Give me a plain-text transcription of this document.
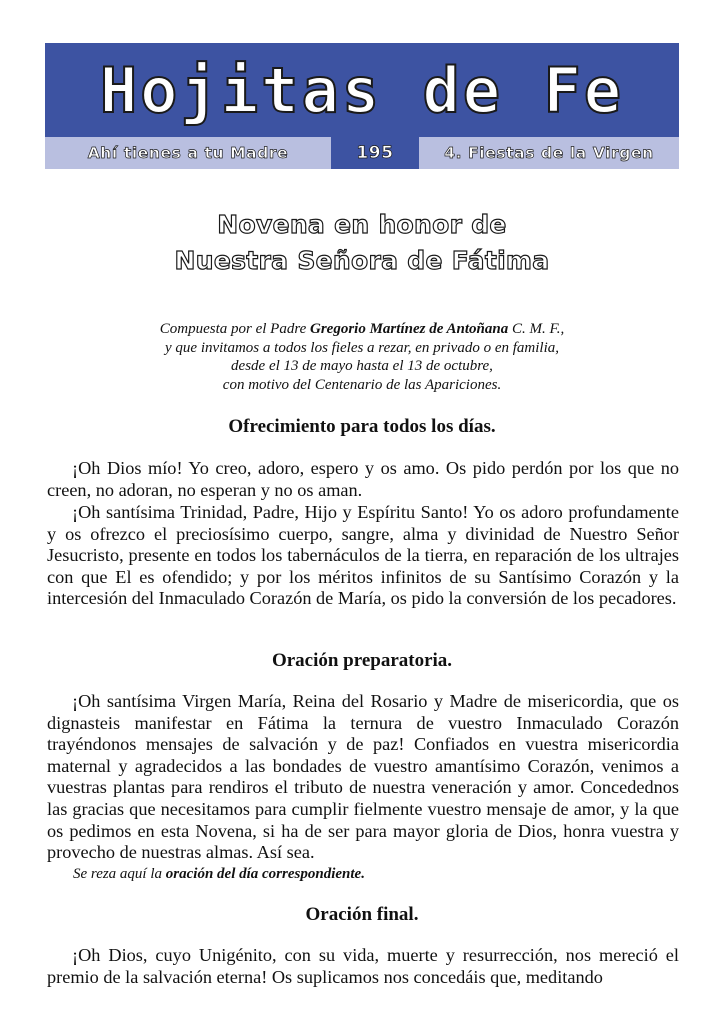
Hojitas de Fe
Ahí tienes a tu Madre	195	4. Fiestas de la Virgen
Novena en honor de
Nuestra Señora de Fátima
Compuesta por el Padre Gregorio Martínez de Antoñana C. M. F.,
y que invitamos a todos los fieles a rezar, en privado o en familia,
desde el 13 de mayo hasta el 13 de octubre,
con motivo del Centenario de las Apariciones.
Ofrecimiento para todos los días.
¡Oh Dios mío! Yo creo, adoro, espero y os amo. Os pido perdón por los que no creen, no adoran, no esperan y no os aman.
¡Oh santísima Trinidad, Padre, Hijo y Espíritu Santo! Yo os adoro profundamente y os ofrezco el preciosísimo cuerpo, sangre, alma y divinidad de Nuestro Señor Jesucristo, presente en todos los tabernáculos de la tierra, en reparación de los ultrajes con que El es ofendido; y por los méritos infinitos de su Santísimo Corazón y la intercesión del Inmaculado Corazón de María, os pido la conversión de los pecadores.
Oración preparatoria.
¡Oh santísima Virgen María, Reina del Rosario y Madre de misericordia, que os dignasteis manifestar en Fátima la ternura de vuestro Inmaculado Corazón trayéndonos mensajes de salvación y de paz! Confiados en vuestra misericordia maternal y agradecidos a las bondades de vuestro amantísimo Corazón, venimos a vuestras plantas para rendiros el tributo de nuestra veneración y amor. Concedednos las gracias que necesitamos para cumplir fielmente vuestro mensaje de amor, y la que os pedimos en esta Novena, si ha de ser para mayor gloria de Dios, honra vuestra y provecho de nuestras almas. Así sea.
Se reza aquí la oración del día correspondiente.
Oración final.
¡Oh Dios, cuyo Unigénito, con su vida, muerte y resurrección, nos mereció el premio de la salvación eterna! Os suplicamos nos concedáis que, meditando
